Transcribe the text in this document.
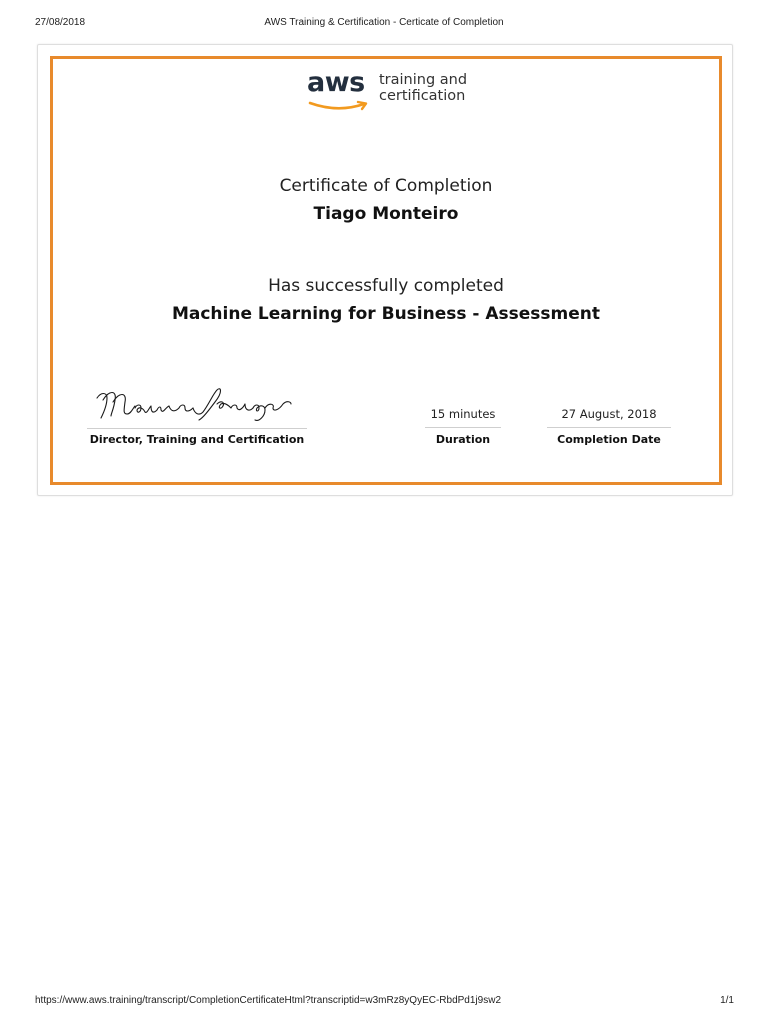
27/08/2018	AWS Training & Certification - Certicate of Completion
aws training and
certification
Certificate of Completion
Tiago Monteiro
Has successfully completed
Machine Learning for Business - Assessment
Director, Training and Certification
15 minutes
Duration
27 August, 2018
Completion Date
https://www.aws.training/transcript/CompletionCertificateHtml?transcriptid=w3mRz8yQyEC-RbdPd1j9sw2	1/1
